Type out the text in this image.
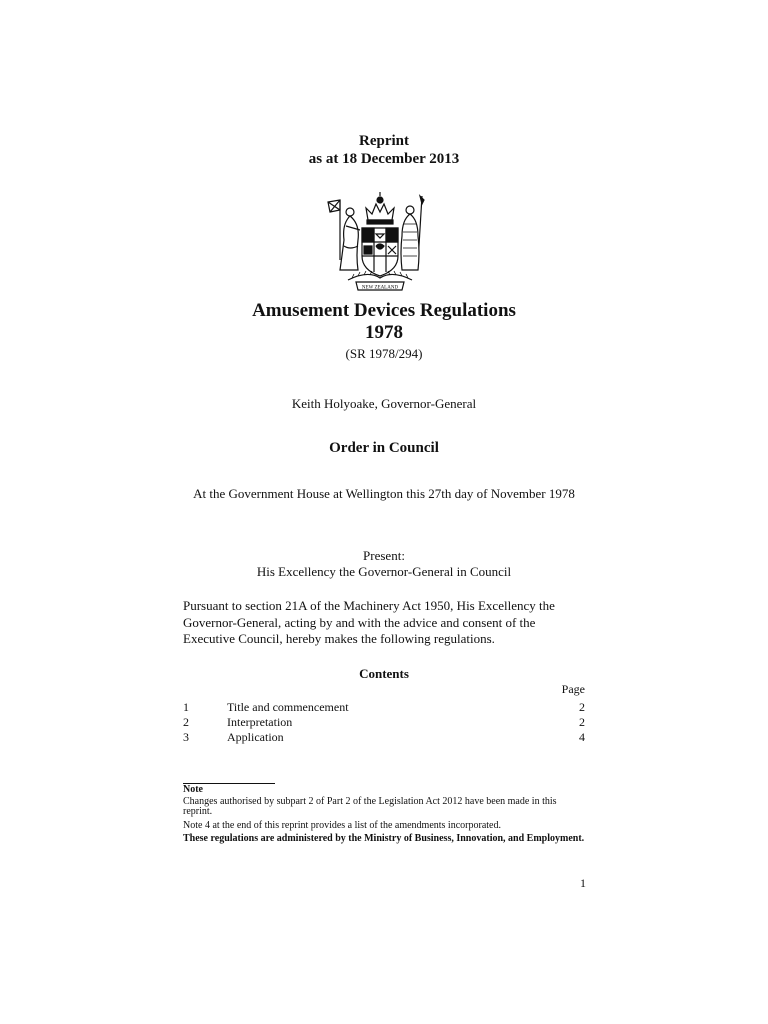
Reprint
as at 18 December 2013
NEW ZEALAND
Amusement Devices Regulations
1978
(SR 1978/294)
Keith Holyoake, Governor-General
Order in Council
At the Government House at Wellington this 27th day of November 1978
Present:
His Excellency the Governor-General in Council
Pursuant to section 21A of the Machinery Act 1950, His Excellency the Governor-General, acting by and with the advice and consent of the Executive Council, hereby makes the following regulations.
Contents
Page
1	Title and commencement	2
2	Interpretation	2
3	Application	4

Note

Changes authorised by subpart 2 of Part 2 of the Legislation Act 2012 have been made in this reprint.

Note 4 at the end of this reprint provides a list of the amendments incorporated.

These regulations are administered by the Ministry of Business, Innovation, and Employment.

1
